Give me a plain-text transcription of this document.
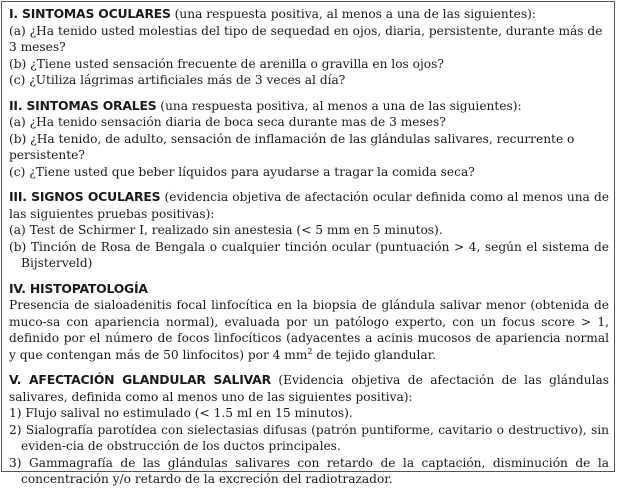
I. SINTOMAS OCULARES (una respuesta positiva, al menos a una de las siguientes):

(a) ¿Ha tenido usted molestias del tipo de sequedad en ojos, diaria, persistente, durante más de 3 meses?

(b) ¿Tiene usted sensación frecuente de arenilla o gravilla en los ojos?

(c) ¿Utiliza lágrimas artificiales más de 3 veces al día?

II. SINTOMAS ORALES (una respuesta positiva, al menos a una de las siguientes):

(a) ¿Ha tenido sensación diaria de boca seca durante mas de 3 meses?

(b) ¿Ha tenido, de adulto, sensación de inflamación de las glándulas salivares, recurrente o persistente?

(c) ¿Tiene usted que beber líquidos para ayudarse a tragar la comida seca?

III. SIGNOS OCULARES (evidencia objetiva de afectación ocular definida como al menos una de las siguientes pruebas positivas):

(a) Test de Schirmer I, realizado sin anestesia (< 5 mm en 5 minutos).

(b) Tinción de Rosa de Bengala o cualquier tinción ocular (puntuación > 4, según el sistema de Bijsterveld)

IV. HISTOPATOLOGÍA

Presencia de sialoadenitis focal linfocítica en la biopsia de glándula salivar menor (obtenida de muco-sa con apariencia normal), evaluada por un patólogo experto, con un focus score > 1, definido por el número de focos linfocíticos (adyacentes a acinis mucosos de apariencia normal y que contengan más de 50 linfocitos) por 4 $mm^2$ de tejido glandular.

V. AFECTACIÓN GLANDULAR SALIVAR (Evidencia objetiva de afectación de las glándulas salivares, definida como al menos uno de las siguientes positiva):

1) Flujo salival no estimulado (< 1.5 ml en 15 minutos).

2) Sialografía parotídea con sielectasias difusas (patrón puntiforme, cavitario o destructivo), sin eviden-cia de obstrucción de los ductos principales.

3) Gammagrafía de las glándulas salivares con retardo de la captación, disminución de la concentración y/o retardo de la excreción del radiotrazador.
